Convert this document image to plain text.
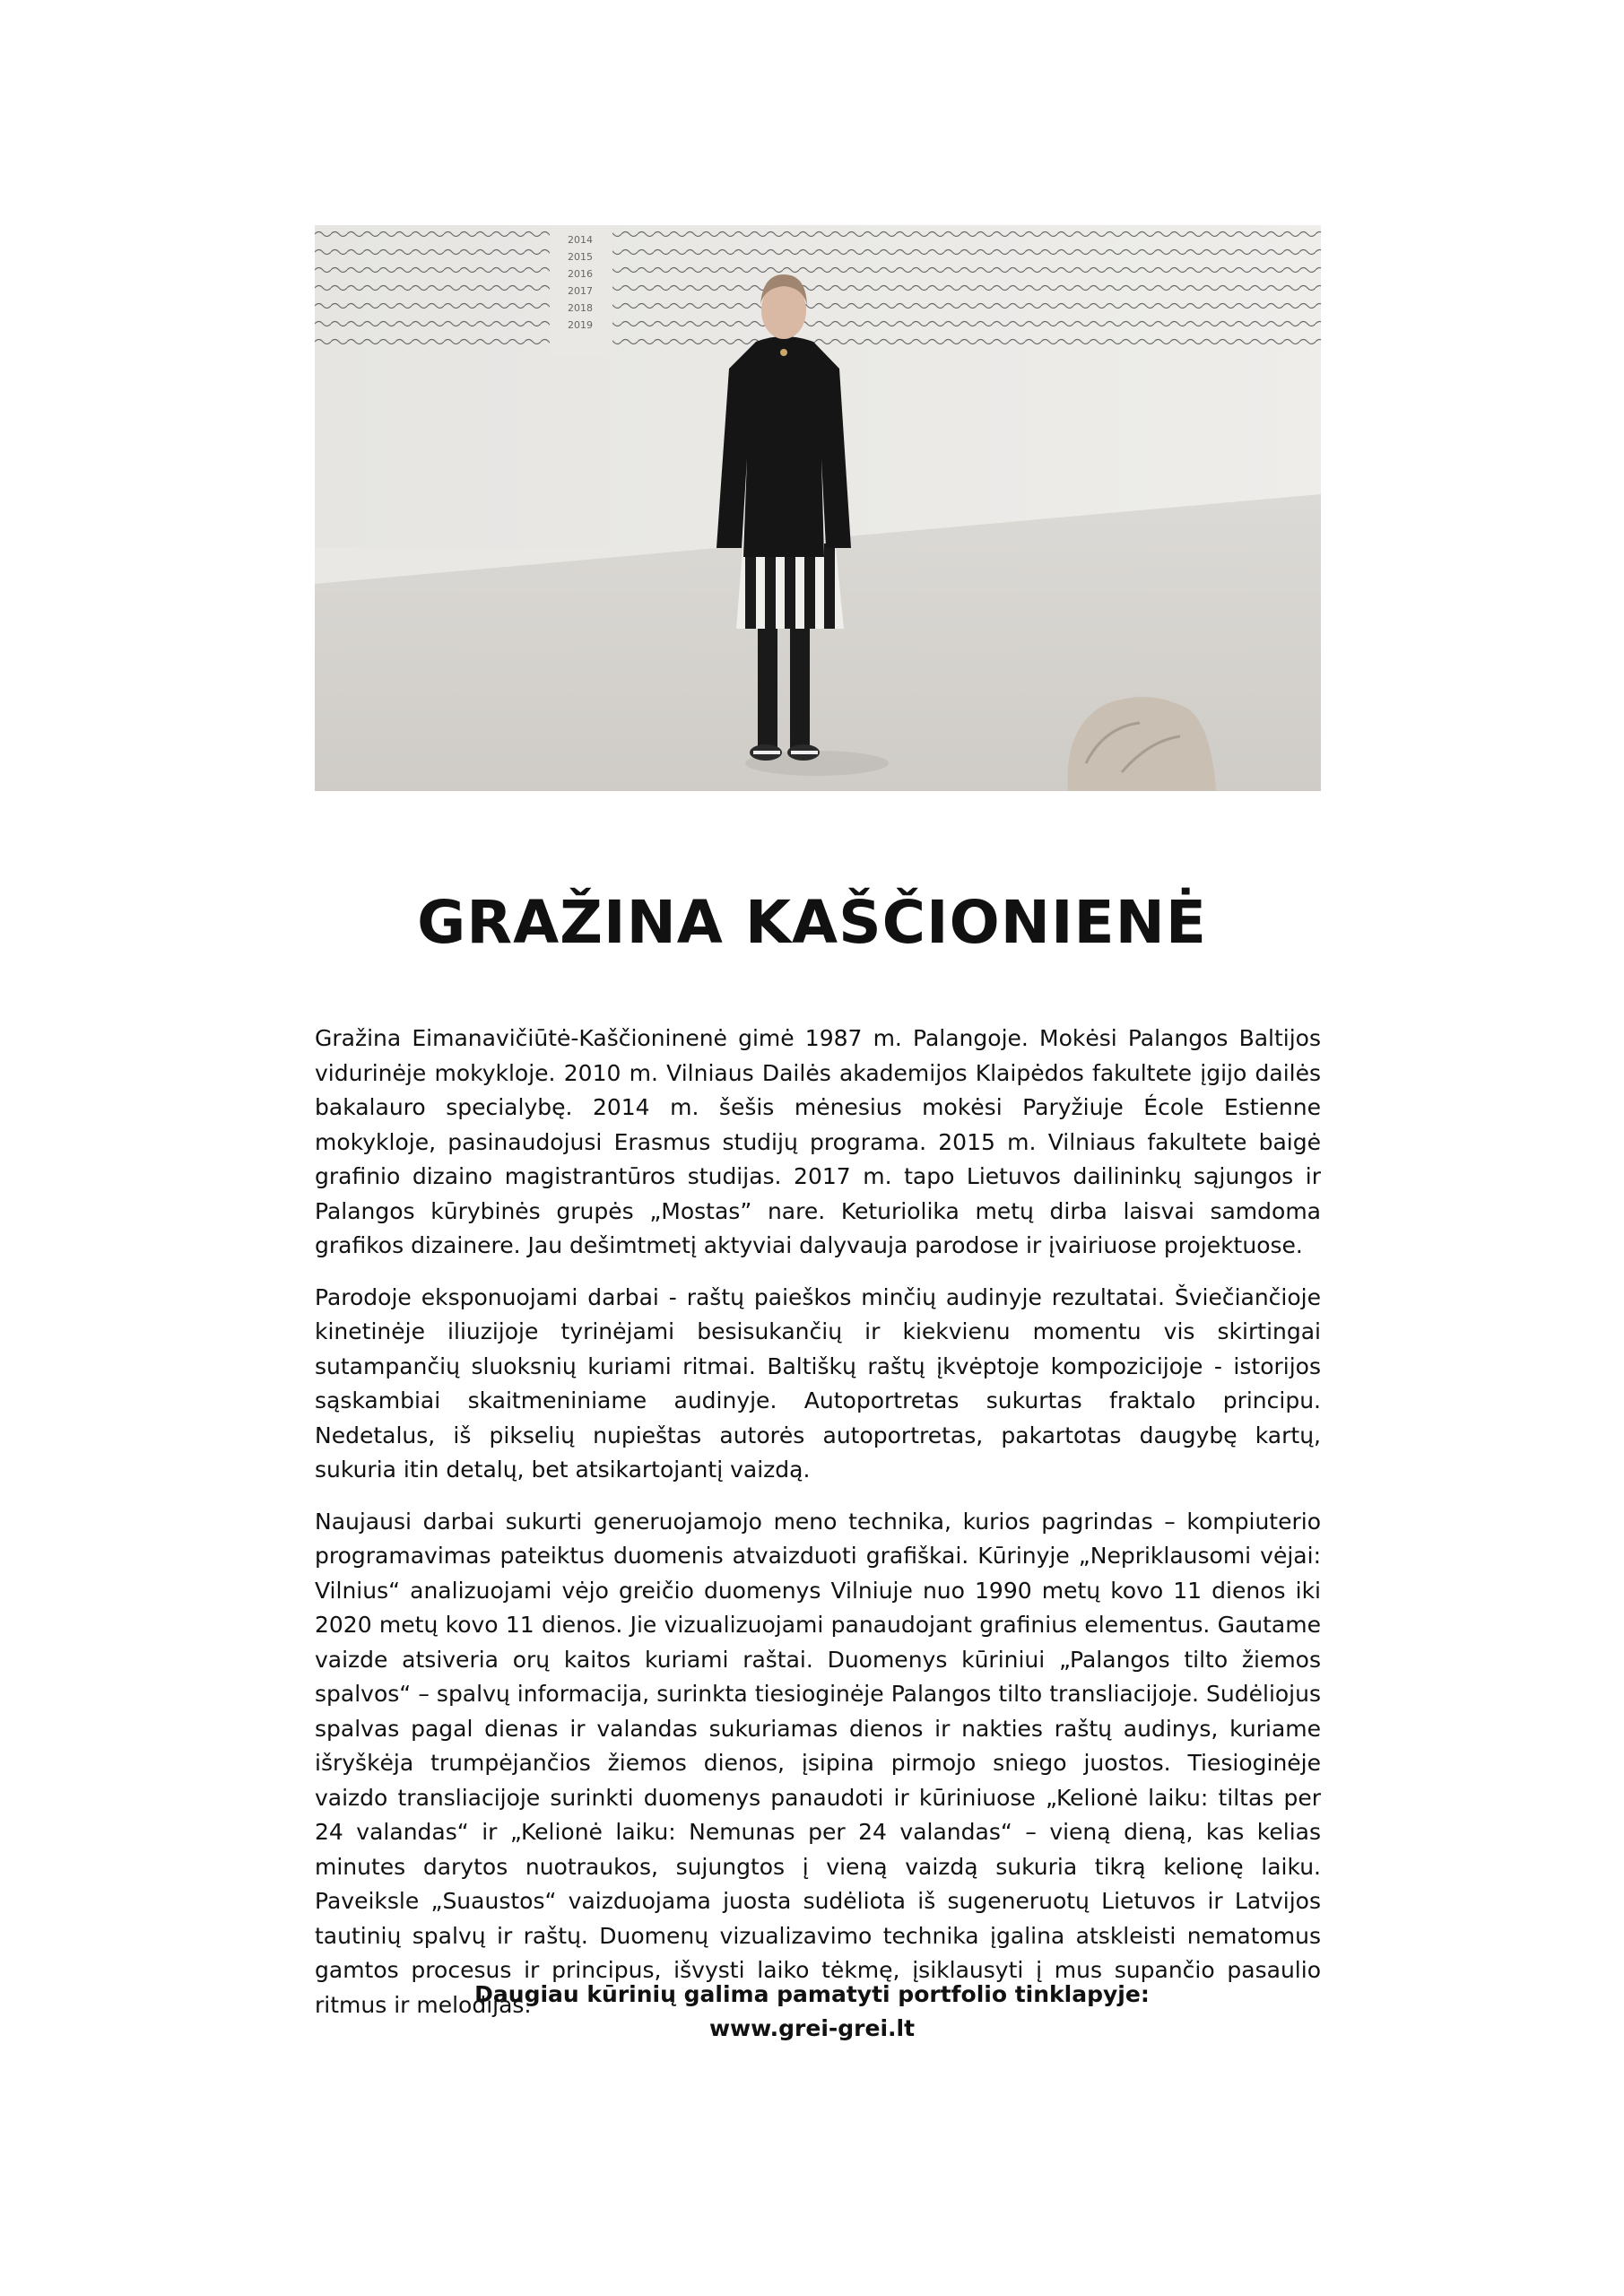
2014
2015
2016
2017
2018
2019
GRAŽINA KAŠČIONIENĖ

Gražina Eimanavičiūtė-Kaščioninenė gimė 1987 m. Palangoje. Mokėsi Palangos Baltijos vidurinėje mokykloje. 2010 m. Vilniaus Dailės akademijos Klaipėdos fakultete įgijo dailės bakalauro specialybę. 2014 m. šešis mėnesius mokėsi Paryžiuje École Estienne mokykloje, pasinaudojusi Erasmus studijų programa. 2015 m. Vilniaus fakultete baigė grafinio dizaino magistrantūros studijas. 2017 m. tapo Lietuvos dailininkų sąjungos ir Palangos kūrybinės grupės „Mostas” nare. Keturiolika metų dirba laisvai samdoma grafikos dizainere. Jau dešimtmetį aktyviai dalyvauja parodose ir įvairiuose projektuose.

Parodoje eksponuojami darbai - raštų paieškos minčių audinyje rezultatai. Šviečiančioje kinetinėje iliuzijoje tyrinėjami besisukančių ir kiekvienu momentu vis skirtingai sutampančių sluoksnių kuriami ritmai. Baltiškų raštų įkvėptoje kompozicijoje - istorijos sąskambiai skaitmeniniame audinyje. Autoportretas sukurtas fraktalo principu. Nedetalus, iš pikselių nupieštas autorės autoportretas, pakartotas daugybę kartų, sukuria itin detalų, bet atsikartojantį vaizdą.

Naujausi darbai sukurti generuojamojo meno technika, kurios pagrindas – kompiuterio programavimas pateiktus duomenis atvaizduoti grafiškai. Kūrinyje „Nepriklausomi vėjai: Vilnius“ analizuojami vėjo greičio duomenys Vilniuje nuo 1990 metų kovo 11 dienos iki 2020 metų kovo 11 dienos. Jie vizualizuojami panaudojant grafinius elementus. Gautame vaizde atsiveria orų kaitos kuriami raštai. Duomenys kūriniui „Palangos tilto žiemos spalvos“ – spalvų informacija, surinkta tiesioginėje Palangos tilto transliacijoje. Sudėliojus spalvas pagal dienas ir valandas sukuriamas dienos ir nakties raštų audinys, kuriame išryškėja trumpėjančios žiemos dienos, įsipina pirmojo sniego juostos. Tiesioginėje vaizdo transliacijoje surinkti duomenys panaudoti ir kūriniuose „Kelionė laiku: tiltas per 24 valandas“ ir „Kelionė laiku: Nemunas per 24 valandas“ – vieną dieną, kas kelias minutes darytos nuotraukos, sujungtos į vieną vaizdą sukuria tikrą kelionę laiku. Paveiksle „Suaustos“ vaizduojama juosta sudėliota iš sugeneruotų Lietuvos ir Latvijos tautinių spalvų ir raštų. Duomenų vizualizavimo technika įgalina atskleisti nematomus gamtos procesus ir principus, išvysti laiko tėkmę, įsiklausyti į mus supančio pasaulio ritmus ir melodijas.

Daugiau kūrinių galima pamatyti portfolio tinklapyje:
www.grei-grei.lt
